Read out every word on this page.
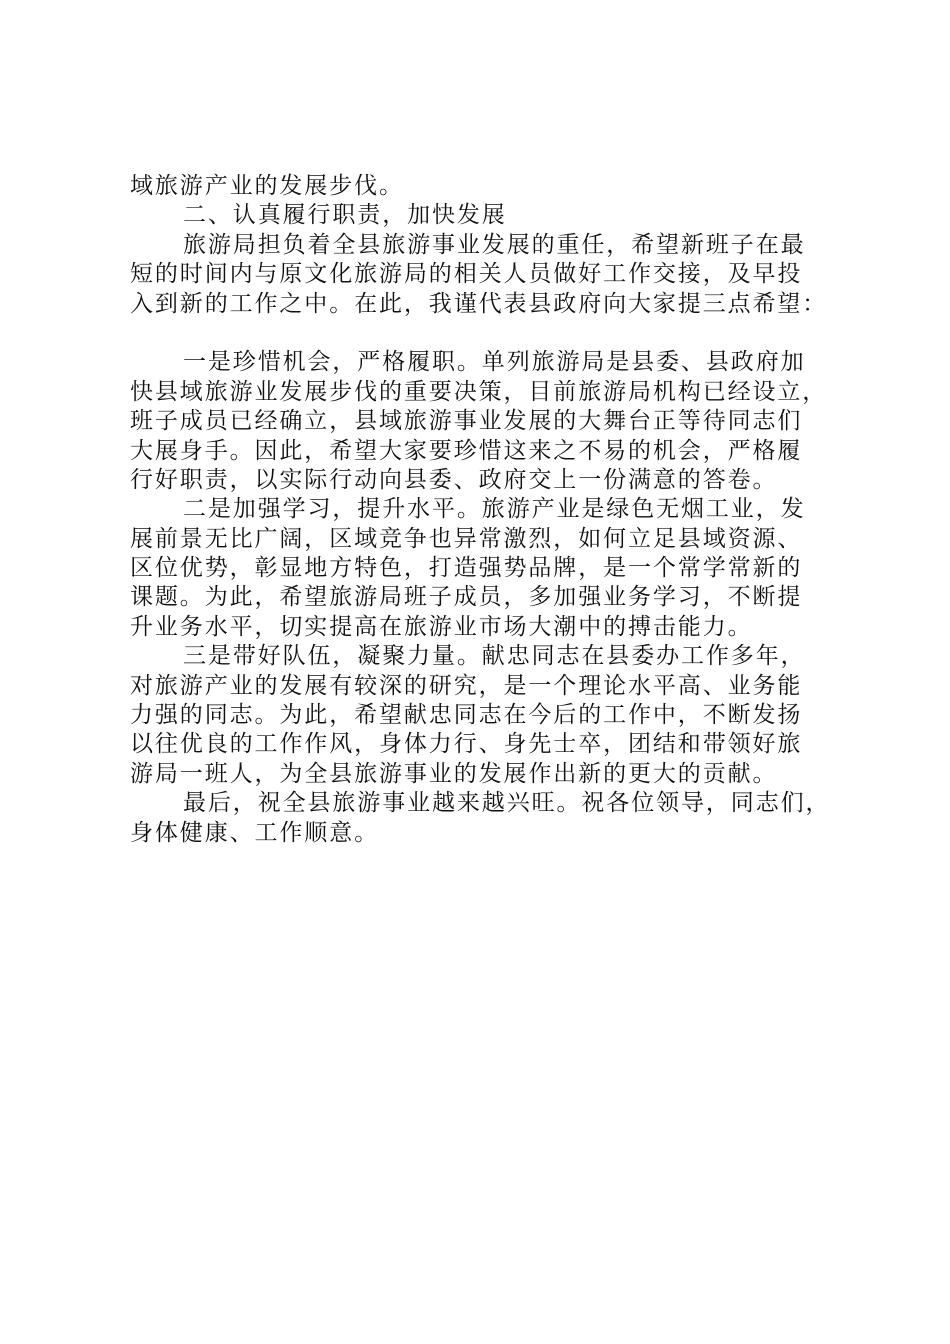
域旅游产业的发展步伐。
二、认真履行职责，加快发展
旅游局担负着全县旅游事业发展的重任，希望新班子在最
短的时间内与原文化旅游局的相关人员做好工作交接，及早投
入到新的工作之中。在此，我谨代表县政府向大家提三点希望：
一是珍惜机会，严格履职。单列旅游局是县委、县政府加
快县域旅游业发展步伐的重要决策，目前旅游局机构已经设立，
班子成员已经确立，县域旅游事业发展的大舞台正等待同志们
大展身手。因此，希望大家要珍惜这来之不易的机会，严格履
行好职责，以实际行动向县委、政府交上一份满意的答卷。
二是加强学习，提升水平。旅游产业是绿色无烟工业，发
展前景无比广阔，区域竞争也异常激烈，如何立足县域资源、
区位优势，彰显地方特色，打造强势品牌，是一个常学常新的
课题。为此，希望旅游局班子成员，多加强业务学习，不断提
升业务水平，切实提高在旅游业市场大潮中的搏击能力。
三是带好队伍，凝聚力量。献忠同志在县委办工作多年，
对旅游产业的发展有较深的研究，是一个理论水平高、业务能
力强的同志。为此，希望献忠同志在今后的工作中，不断发扬
以往优良的工作作风，身体力行、身先士卒，团结和带领好旅
游局一班人，为全县旅游事业的发展作出新的更大的贡献。
最后，祝全县旅游事业越来越兴旺。祝各位领导，同志们，
身体健康、工作顺意。
